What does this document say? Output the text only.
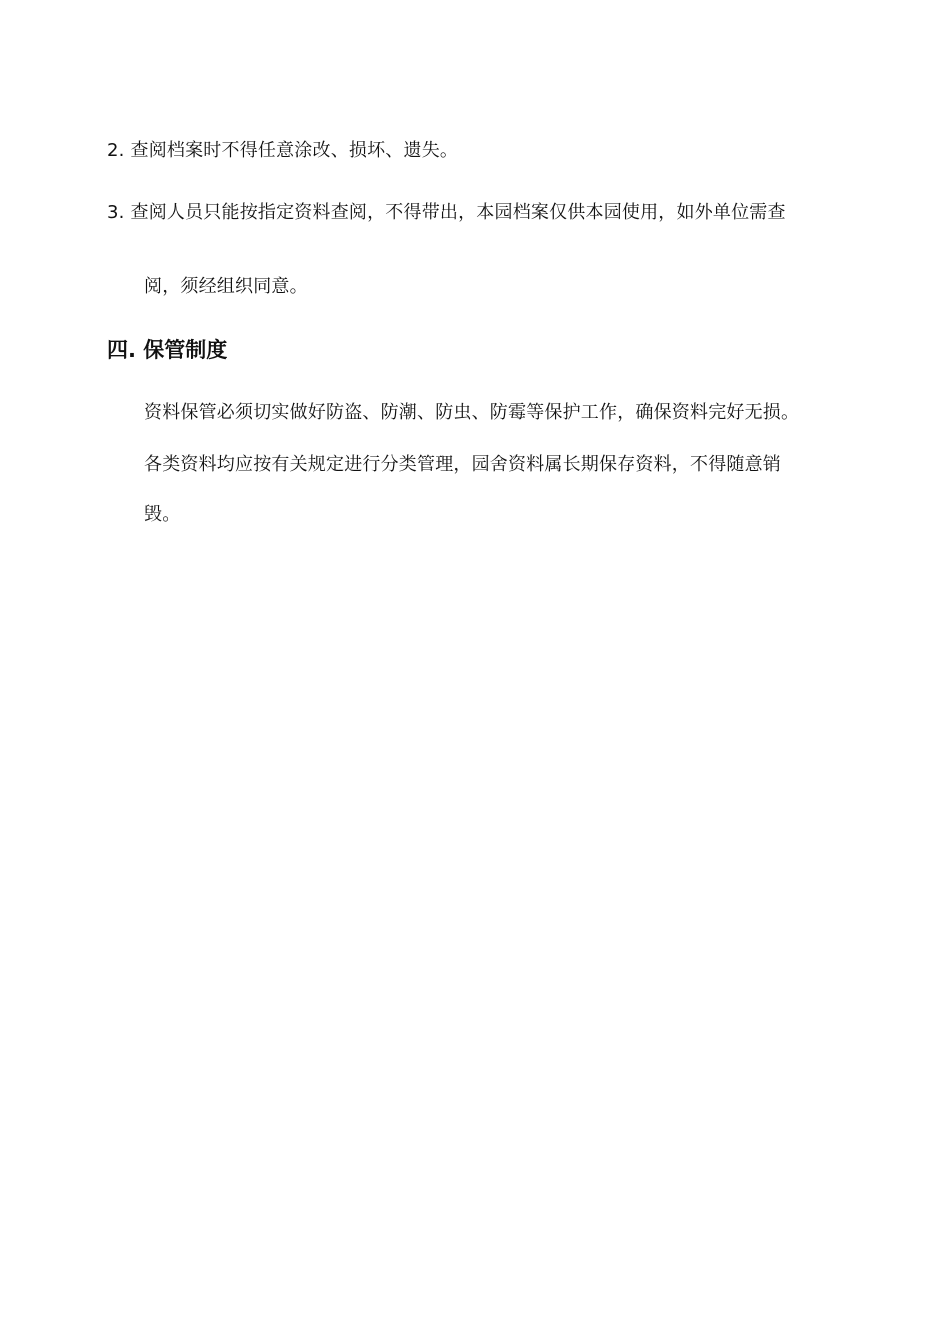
2. 查阅档案时不得任意涂改、损坏、遗失。
3. 查阅人员只能按指定资料查阅，不得带出，本园档案仅供本园使用，如外单位需查
阅，须经组织同意。
四. 保管制度
资料保管必须切实做好防盗、防潮、防虫、防霉等保护工作，确保资料完好无损。
各类资料均应按有关规定进行分类管理，园舍资料属长期保存资料，不得随意销
毁。
